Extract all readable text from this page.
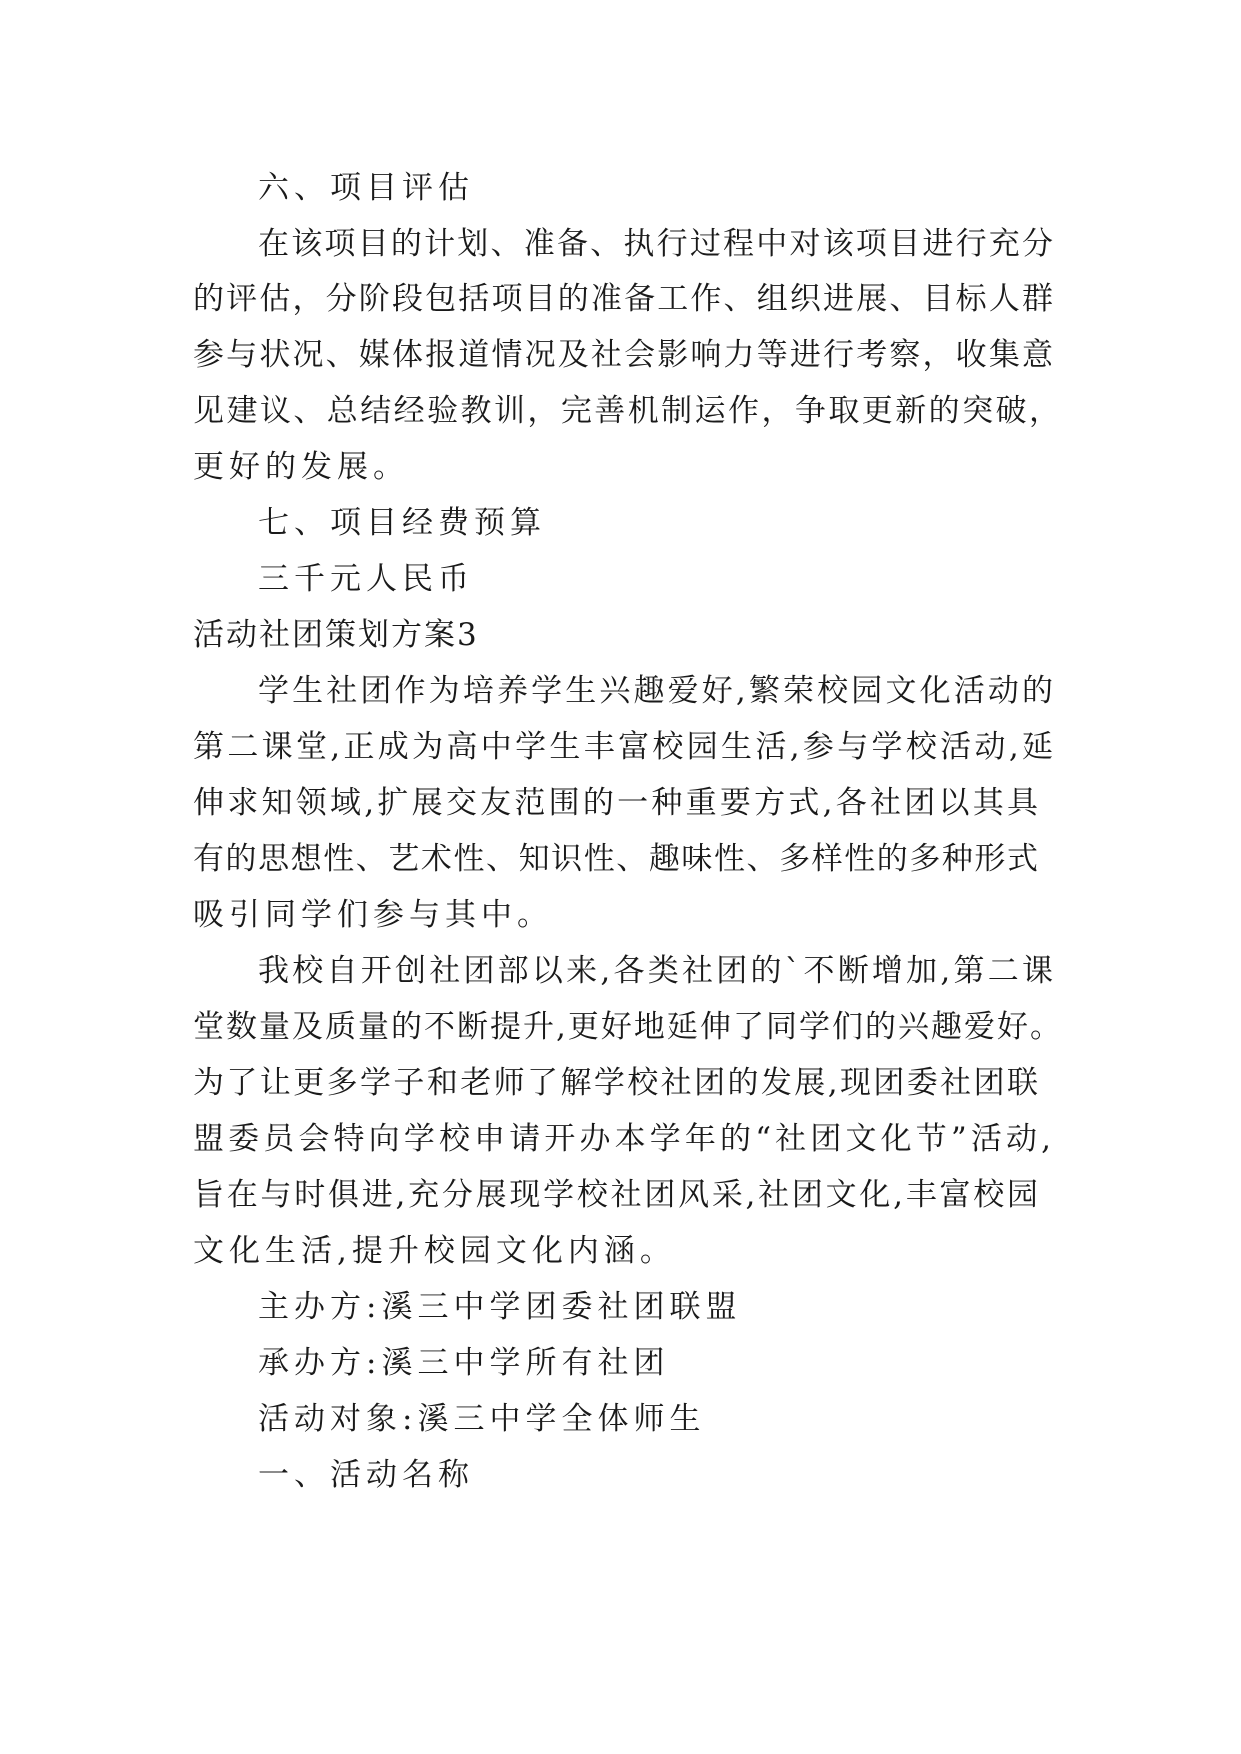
六、项目评估
在该项目的计划、准备、执行过程中对该项目进行充分
的评估，分阶段包括项目的准备工作、组织进展、目标人群
参与状况、媒体报道情况及社会影响力等进行考察，收集意
见建议、总结经验教训，完善机制运作，争取更新的突破，
更好的发展。
七、项目经费预算
三千元人民币
活动社团策划方案3
学生社团作为培养学生兴趣爱好,繁荣校园文化活动的
第二课堂,正成为高中学生丰富校园生活,参与学校活动,延
伸求知领域,扩展交友范围的一种重要方式,各社团以其具
有的思想性、艺术性、知识性、趣味性、多样性的多种形式
吸引同学们参与其中。
我校自开创社团部以来,各类社团的`不断增加,第二课
堂数量及质量的不断提升,更好地延伸了同学们的兴趣爱好。
为了让更多学子和老师了解学校社团的发展,现团委社团联
盟委员会特向学校申请开办本学年的“社团文化节”活动,
旨在与时俱进,充分展现学校社团风采,社团文化,丰富校园
文化生活,提升校园文化内涵。
主办方:溪三中学团委社团联盟
承办方:溪三中学所有社团
活动对象:溪三中学全体师生
一、活动名称
